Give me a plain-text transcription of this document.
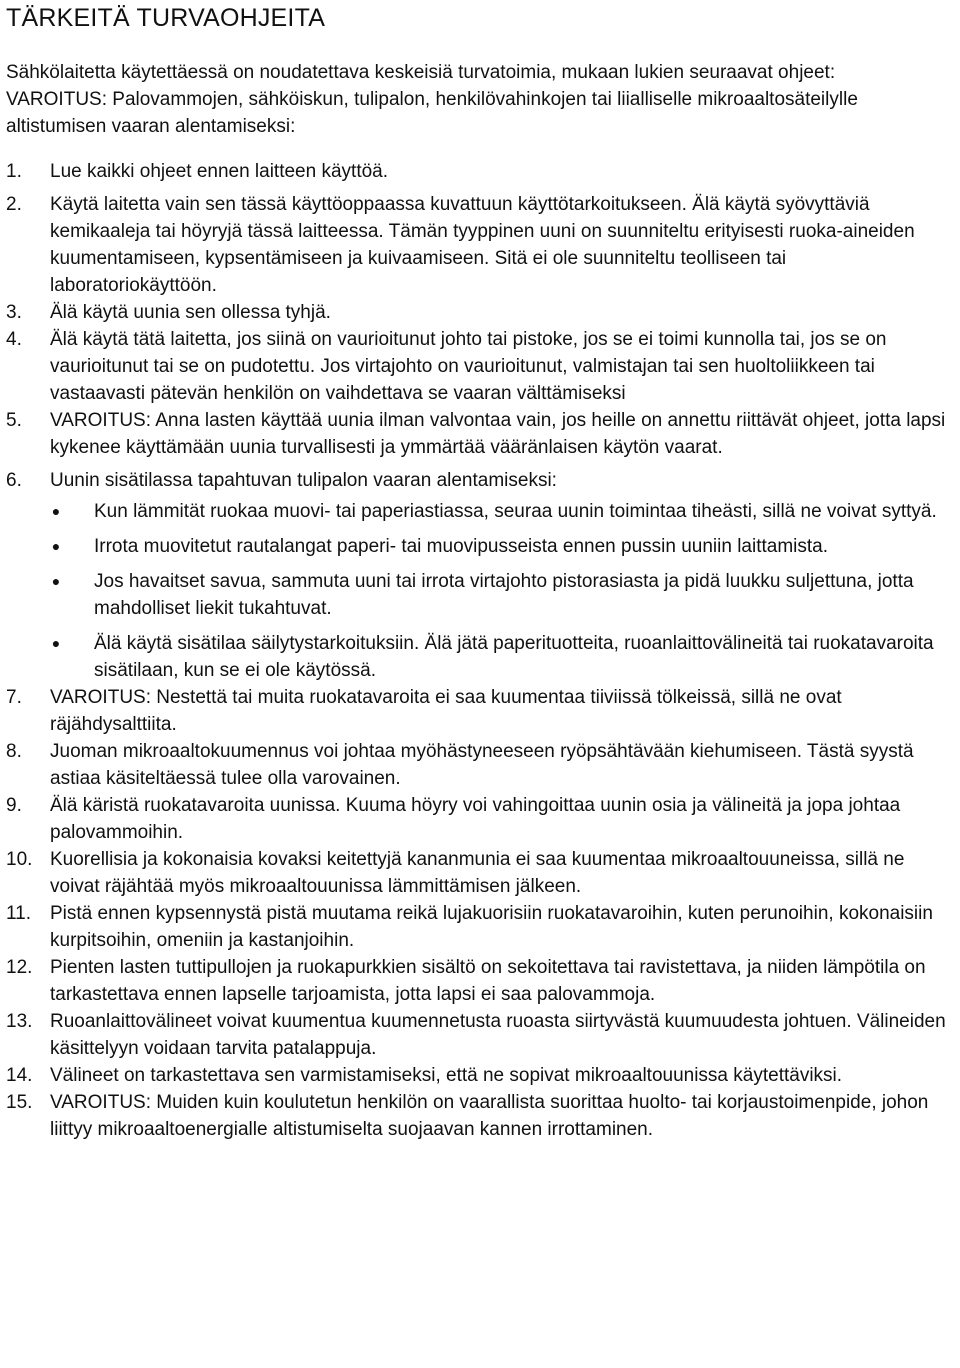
TÄRKEITÄ TURVAOHJEITA

Sähkölaitetta käytettäessä on noudatettava keskeisiä turvatoimia, mukaan lukien seuraavat ohjeet:

VAROITUS: Palovammojen, sähköiskun, tulipalon, henkilövahinkojen tai liialliselle mikroaaltosäteilylle altistumisen vaaran alentamiseksi:

1.	Lue kaikki ohjeet ennen laitteen käyttöä.
2.	Käytä laitetta vain sen tässä käyttöoppaassa kuvattuun käyttötarkoitukseen. Älä käytä syövyttäviä kemikaaleja tai höyryjä tässä laitteessa. Tämän tyyppinen uuni on suunniteltu erityisesti ruoka-aineiden kuumentamiseen, kypsentämiseen ja kuivaamiseen. Sitä ei ole suunniteltu teolliseen tai laboratoriokäyttöön.
3.	Älä käytä uunia sen ollessa tyhjä.
4.	Älä käytä tätä laitetta, jos siinä on vaurioitunut johto tai pistoke, jos se ei toimi kunnolla tai, jos se on vaurioitunut tai se on pudotettu. Jos virtajohto on vaurioitunut, valmistajan tai sen huoltoliikkeen tai vastaavasti pätevän henkilön on vaihdettava se vaaran välttämiseksi
5.	VAROITUS: Anna lasten käyttää uunia ilman valvontaa vain, jos heille on annettu riittävät ohjeet, jotta lapsi kykenee käyttämään uunia turvallisesti ja ymmärtää vääränlaisen käytön vaarat.
6.	Uunin sisätilassa tapahtuvan tulipalon vaaran alentamiseksi:
●	Kun lämmität ruokaa muovi- tai paperiastiassa, seuraa uunin toimintaa tiheästi, sillä ne voivat syttyä.
●	Irrota muovitetut rautalangat paperi- tai muovipusseista ennen pussin uuniin laittamista.
●	Jos havaitset savua, sammuta uuni tai irrota virtajohto pistorasiasta ja pidä luukku suljettuna, jotta mahdolliset liekit tukahtuvat.
●	Älä käytä sisätilaa säilytystarkoituksiin. Älä jätä paperituotteita, ruoanlaittovälineitä tai ruokatavaroita sisätilaan, kun se ei ole käytössä.
7.	VAROITUS: Nestettä tai muita ruokatavaroita ei saa kuumentaa tiiviissä tölkeissä, sillä ne ovat räjähdysalttiita.
8.	Juoman mikroaaltokuumennus voi johtaa myöhästyneeseen ryöpsähtävään kiehumiseen. Tästä syystä astiaa käsiteltäessä tulee olla varovainen.
9.	Älä käristä ruokatavaroita uunissa. Kuuma höyry voi vahingoittaa uunin osia ja välineitä ja jopa johtaa palovammoihin.
10. Kuorellisia ja kokonaisia kovaksi keitettyjä kananmunia ei saa kuumentaa mikroaaltouuneissa, sillä ne voivat räjähtää myös mikroaaltouunissa lämmittämisen jälkeen.
11. Pistä ennen kypsennystä pistä muutama reikä lujakuorisiin ruokatavaroihin, kuten perunoihin, kokonaisiin kurpitsoihin, omeniin ja kastanjoihin.
12. Pienten lasten tuttipullojen ja ruokapurkkien sisältö on sekoitettava tai ravistettava, ja niiden lämpötila on tarkastettava ennen lapselle tarjoamista, jotta lapsi ei saa palovammoja.
13. Ruoanlaittovälineet voivat kuumentua kuumennetusta ruoasta siirtyvästä kuumuudesta johtuen. Välineiden käsittelyyn voidaan tarvita patalappuja.
14. Välineet on tarkastettava sen varmistamiseksi, että ne sopivat mikroaaltouunissa käytettäviksi.
15. VAROITUS: Muiden kuin koulutetun henkilön on vaarallista suorittaa huolto- tai korjaustoimenpide, johon liittyy mikroaaltoenergialle altistumiselta suojaavan kannen irrottaminen.
